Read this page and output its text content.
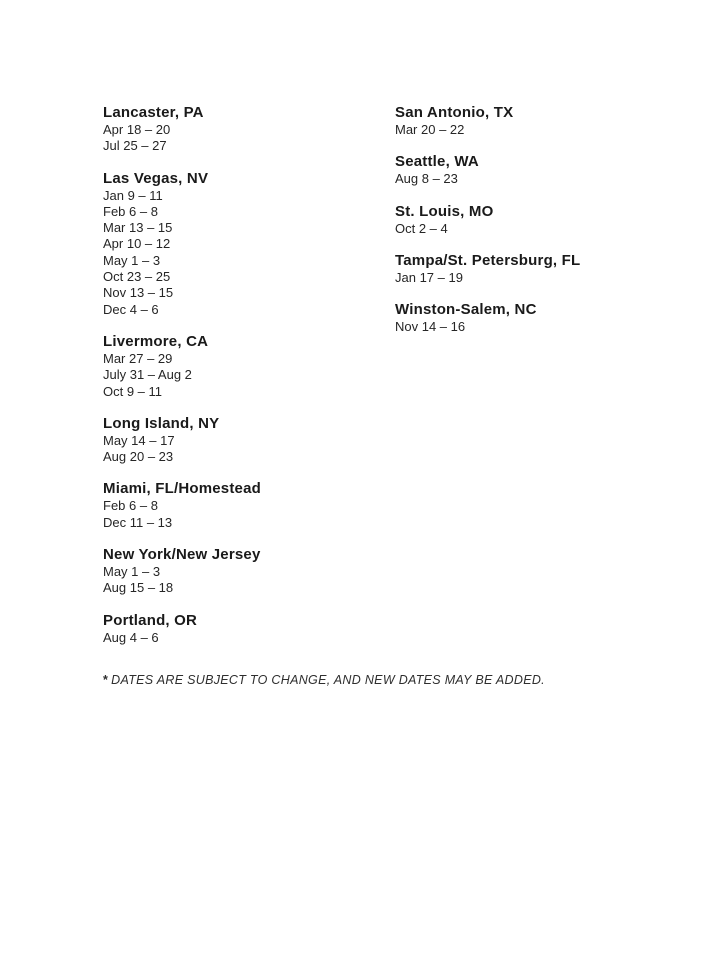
Lancaster, PA
Apr 18 – 20
Jul 25 – 27
Las Vegas, NV
Jan 9 – 11
Feb 6 – 8
Mar 13 – 15
Apr 10 – 12
May 1 – 3
Oct 23 – 25
Nov 13 – 15
Dec 4 – 6
Livermore, CA
Mar 27 – 29
July 31 – Aug 2
Oct 9 – 11
Long Island, NY
May 14 – 17
Aug 20 – 23
Miami, FL/Homestead
Feb 6 – 8
Dec 11 – 13
New York/New Jersey
May 1 – 3
Aug 15 – 18
Portland, OR
Aug 4 – 6
San Antonio, TX
Mar 20 – 22
Seattle, WA
Aug 8 – 23
St. Louis, MO
Oct 2 – 4
Tampa/St. Petersburg, FL
Jan 17 – 19
Winston-Salem, NC
Nov 14 – 16

* DATES ARE SUBJECT TO CHANGE, AND NEW DATES MAY BE ADDED.
